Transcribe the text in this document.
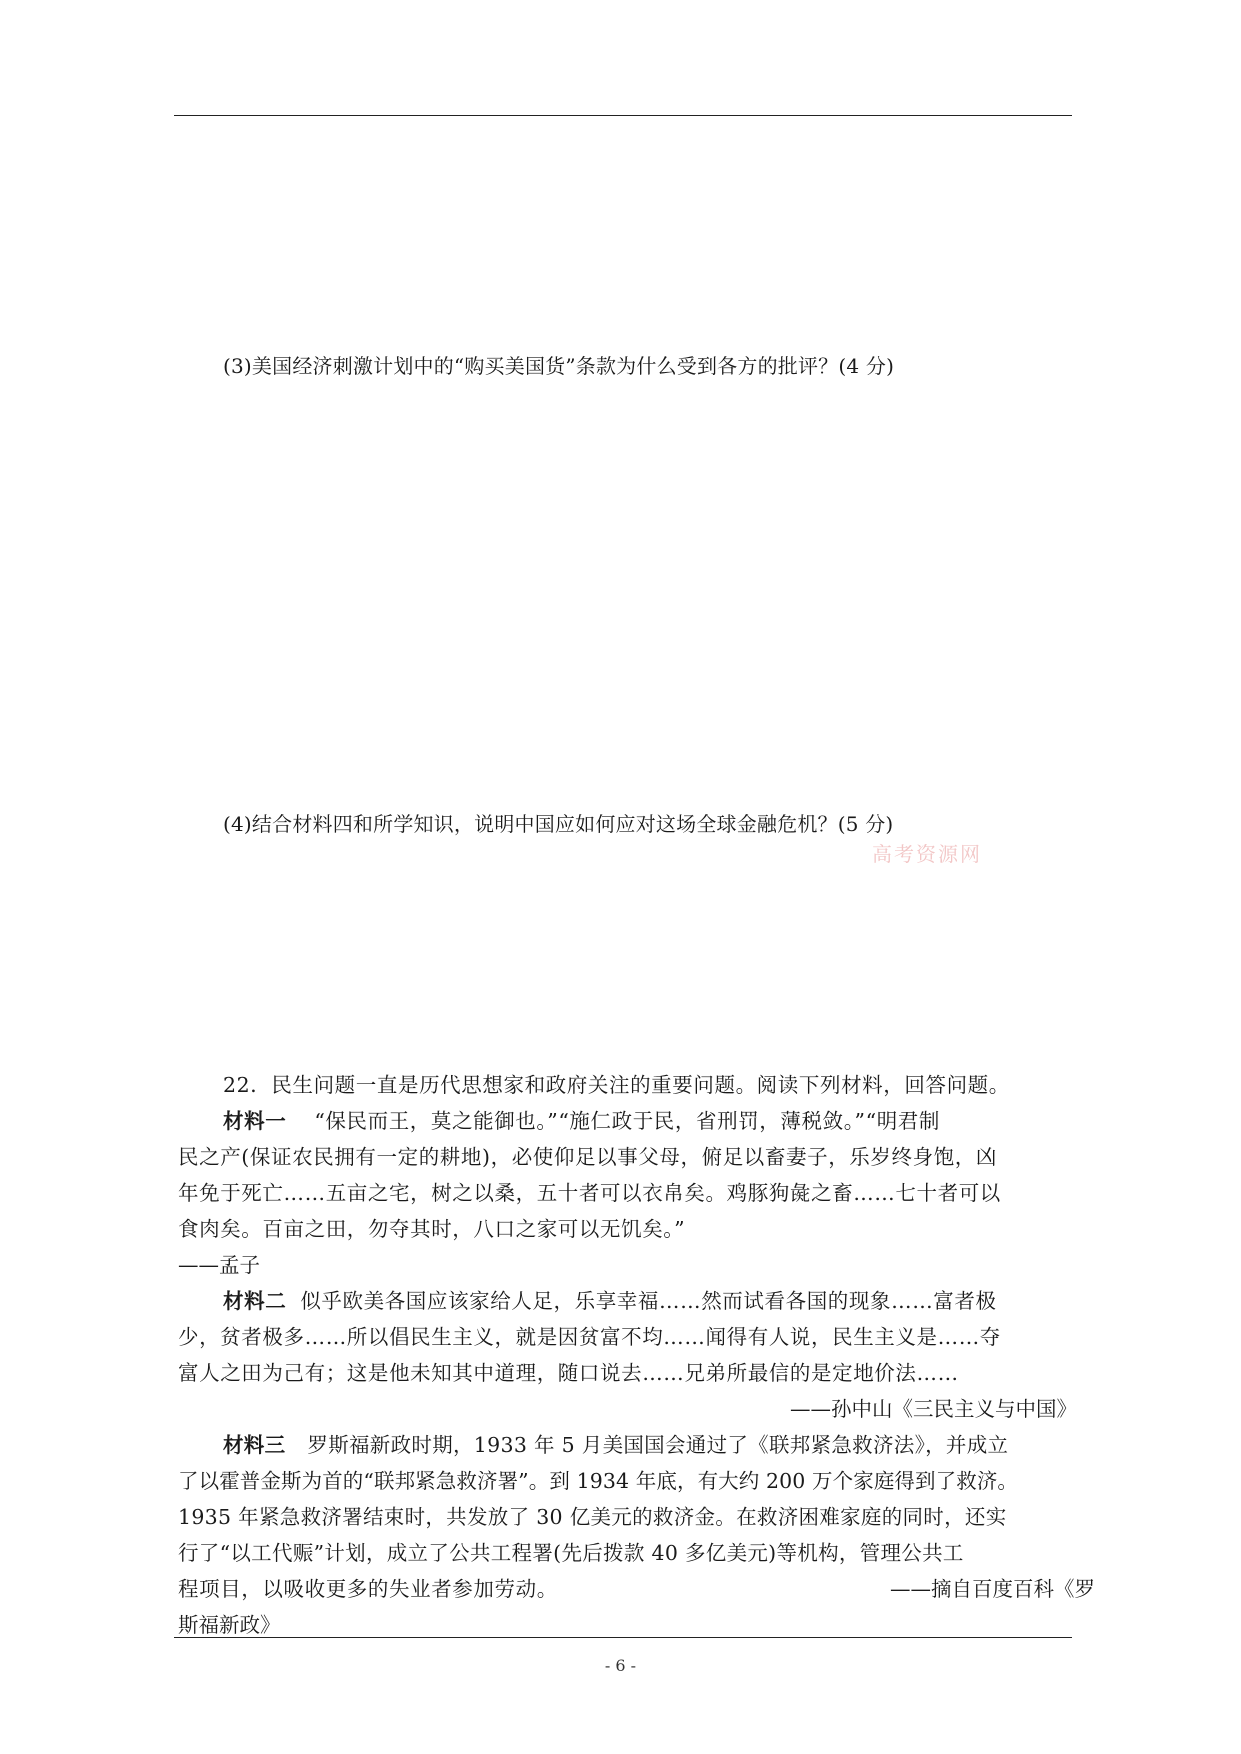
(3)美国经济刺激计划中的“购买美国货”条款为什么受到各方的批评？(4 分)
(4)结合材料四和所学知识，说明中国应如何应对这场全球金融危机？(5 分)
22．民生问题一直是历代思想家和政府关注的重要问题。阅读下列材料，回答问题。
材料一 “保民而王，莫之能御也。”“施仁政于民，省刑罚，薄税敛。”“明君制
民之产(保证农民拥有一定的耕地)，必使仰足以事父母，俯足以畜妻子，乐岁终身饱，凶
年免于死亡……五亩之宅，树之以桑，五十者可以衣帛矣。鸡豚狗彘之畜……七十者可以
食肉矣。百亩之田，勿夺其时，八口之家可以无饥矣。”
——孟子
高考资源网
材料二 似乎欧美各国应该家给人足，乐享幸福……然而试看各国的现象……富者极
少，贫者极多……所以倡民生主义，就是因贫富不均……闻得有人说，民生主义是……夺
富人之田为己有；这是他未知其中道理，随口说去……兄弟所最信的是定地价法……
——孙中山《三民主义与中国》
材料三 罗斯福新政时期，1933 年 5 月美国国会通过了《联邦紧急救济法》，并成立
了以霍普金斯为首的“联邦紧急救济署”。到 1934 年底，有大约 200 万个家庭得到了救济。
1935 年紧急救济署结束时，共发放了 30 亿美元的救济金。在救济困难家庭的同时，还实
行了“以工代赈”计划，成立了公共工程署(先后拨款 40 多亿美元)等机构，管理公共工
程项目，以吸收更多的失业者参加劳动。	——摘自百度百科《罗
斯福新政》
- 6 -
